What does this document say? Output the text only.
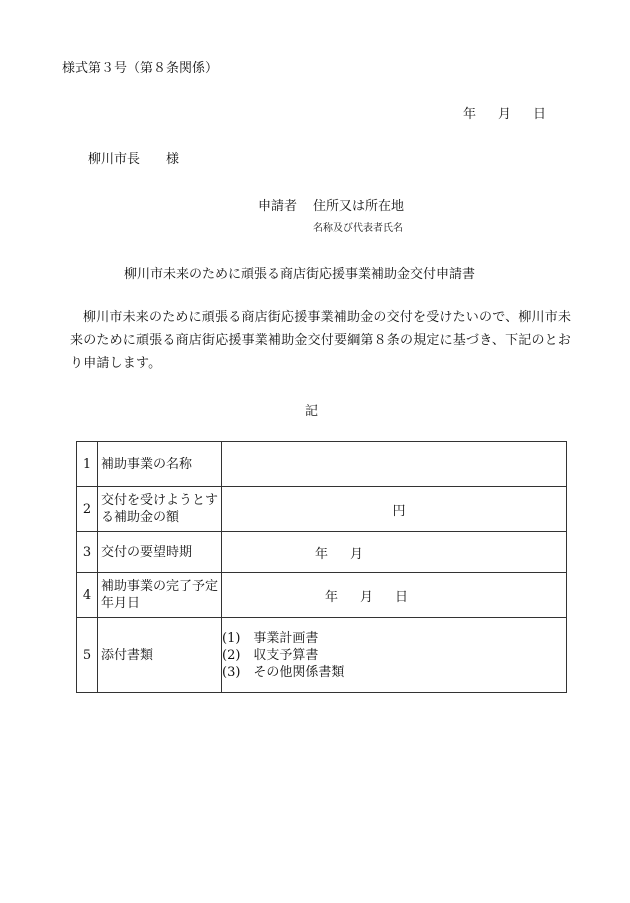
様式第３号（第８条関係）
年 月 日
柳川市長 様
申請者 住所又は所在地
名称及び代表者氏名
柳川市未来のために頑張る商店街応援事業補助金交付申請書
柳川市未来のために頑張る商店街応援事業補助金の交付を受けたいので、柳川市未来のために頑張る商店街応援事業補助金交付要綱第８条の規定に基づき、下記のとおり申請します。
記
1	補助事業の名称	
2	交付を受けようとする補助金の額	円
3	交付の要望時期	年 月
4	補助事業の完了予定年月日	年 月 日
5	添付書類	(1)　事業計画書
(2)　収支予算書
(3)　その他関係書類
